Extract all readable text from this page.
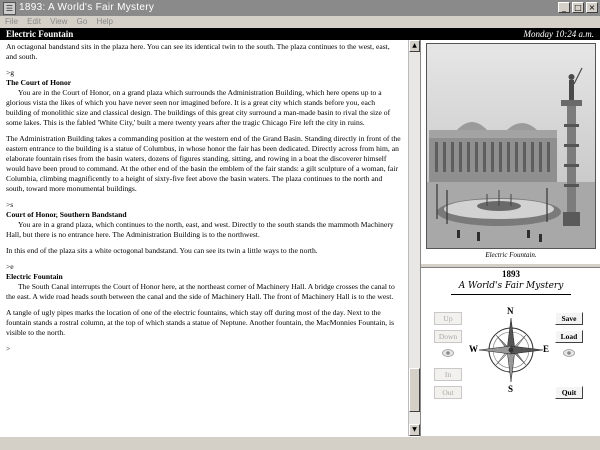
☰ 1893: A World's Fair Mystery	_	□ ×
File Edit View Go Help
Electric Fountain	Monday 10:24 a.m.

An octagonal bandstand sits in the plaza here. You can see its identical twin to the south. The plaza continues to the west, east, and south.

>g

The Court of Honor

You are in the Court of Honor, on a grand plaza which surrounds the Administration Building, which here opens up to a glorious vista the likes of which you have never seen nor imagined before. It is a great city which stands before you, each building of monolithic size and classical design. The buildings of this great city surround a man-made basin to rival the size of some lakes. This is the fabled 'White City,' built a mere twenty years after the tragic Chicago Fire left the city in ruins.

The Administration Building takes a commanding position at the western end of the Grand Basin. Standing directly in front of the eastern entrance to the building is a statue of Columbus, in whose honor the fair has been dedicated. Directly across from him, an elaborate fountain rises from the basin waters, dozens of figures standing, sitting, and rowing in a boat the discoverer himself would have been proud to command. At the other end of the basin the emblem of the fair stands: a gilt sculpture of a woman, fair Columbia, climbing magnificently to a height of sixty-five feet above the basin waters. The plaza continues to the north and south, toward more monumental buildings.

>s

Court of Honor, Southern Bandstand

You are in a grand plaza, which continues to the north, east, and west. Directly to the south stands the mammoth Machinery Hall, but there is no entrance here. The Administration Building is to the northwest.

In this end of the plaza sits a white octogonal bandstand. You can see its twin a little ways to the north.

>e

Electric Fountain

The South Canal interrupts the Court of Honor here, at the northeast corner of Machinery Hall. A bridge crosses the canal to the east. A wide road heads south between the canal and the side of Machinery Hall. The front of Machinery Hall is to the west.

A tangle of ugly pipes marks the location of one of the electric fountains, which stay off during most of the day. Next to the fountain stands a rostral column, at the top of which stands a statue of Neptune. Another fountain, the MacMonnies Fountain, is visible to the north.

>

▲
▼
Electric Fountain.
1893
A World's Fair Mystery
Up
Down
In
Out
Save
Load
Quit
N
S
W	E
